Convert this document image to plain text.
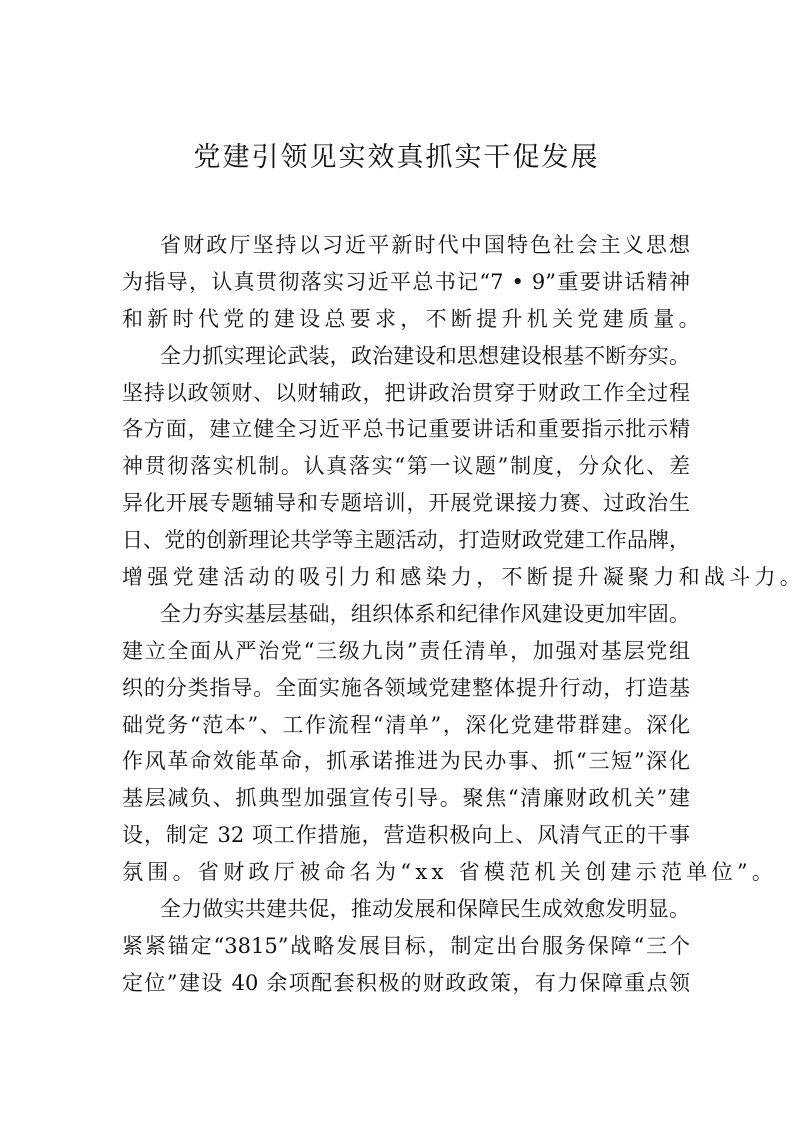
党建引领见实效真抓实干促发展
省财政厅坚持以习近平新时代中国特色社会主义思想
为指导，认真贯彻落实习近平总书记“7 • 9”重要讲话精神
和新时代党的建设总要求，不断提升机关党建质量。
全力抓实理论武装，政治建设和思想建设根基不断夯实。
坚持以政领财、以财辅政，把讲政治贯穿于财政工作全过程
各方面，建立健全习近平总书记重要讲话和重要指示批示精
神贯彻落实机制。认真落实“第一议题”制度，分众化、差
异化开展专题辅导和专题培训，开展党课接力赛、过政治生
日、党的创新理论共学等主题活动，打造财政党建工作品牌，
增强党建活动的吸引力和感染力，不断提升凝聚力和战斗力。
全力夯实基层基础，组织体系和纪律作风建设更加牢固。
建立全面从严治党“三级九岗”责任清单，加强对基层党组
织的分类指导。全面实施各领域党建整体提升行动，打造基
础党务“范本”、工作流程“清单”，深化党建带群建。深化
作风革命效能革命，抓承诺推进为民办事、抓“三短”深化
基层减负、抓典型加强宣传引导。聚焦“清廉财政机关”建
设，制定 32 项工作措施，营造积极向上、风清气正的干事
氛围。省财政厅被命名为“xx 省模范机关创建示范单位”。
全力做实共建共促，推动发展和保障民生成效愈发明显。
紧紧锚定“3815”战略发展目标，制定出台服务保障“三个
定位”建设 40 余项配套积极的财政政策，有力保障重点领
